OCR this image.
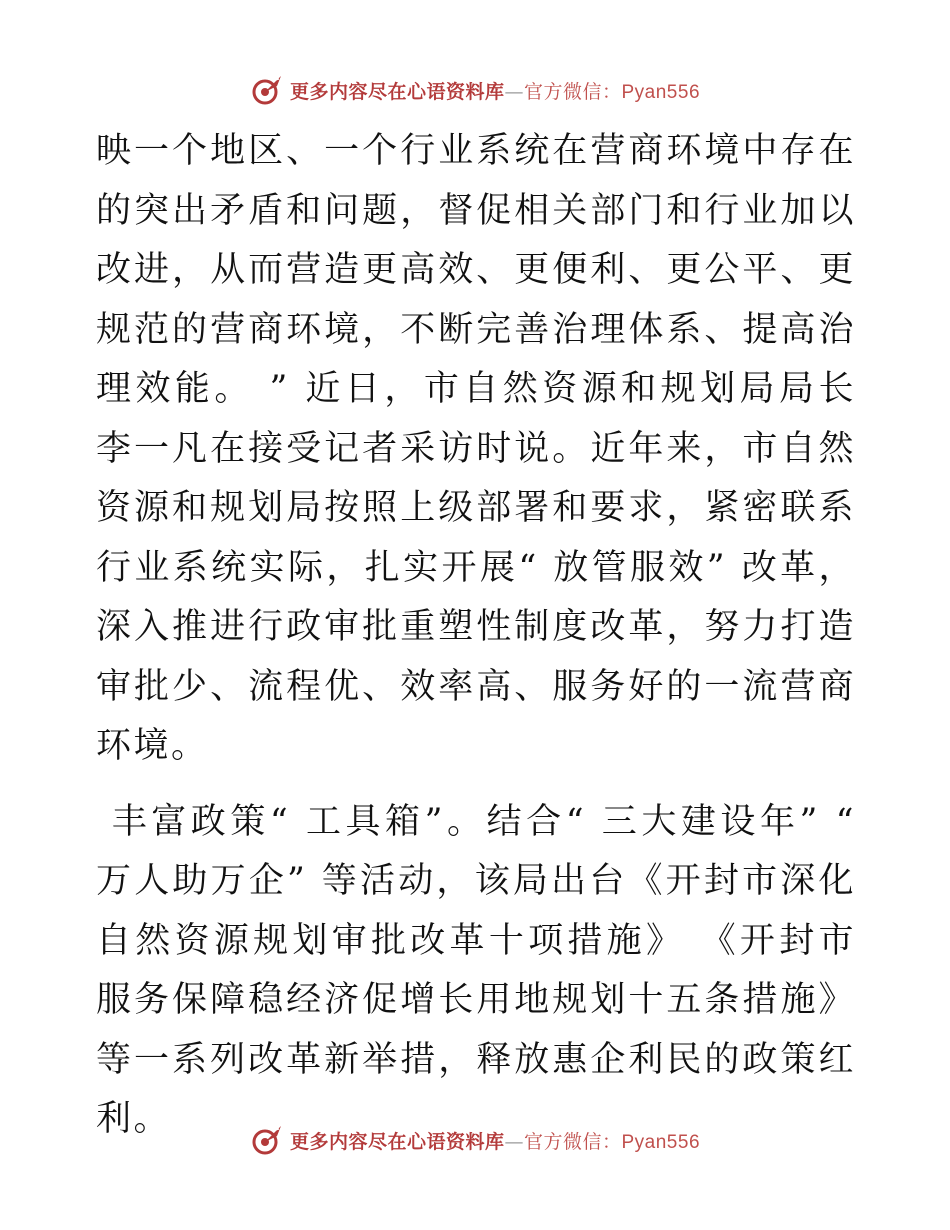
更多内容尽在心语资料库—官方微信：Pyan556

映一个地区、一个行业系统在营商环境中存在的突出矛盾和问题，督促相关部门和行业加以改进，从而营造更高效、更便利、更公平、更规范的营商环境，不断完善治理体系、提高治理效能。 ” 近日，市自然资源和规划局局长李一凡在接受记者采访时说。近年来，市自然资源和规划局按照上级部署和要求，紧密联系行业系统实际，扎实开展“ 放管服效” 改革，深入推进行政审批重塑性制度改革，努力打造审批少、流程优、效率高、服务好的一流营商环境。

丰富政策“ 工具箱”。结合“ 三大建设年” “ 万人助万企” 等活动，该局出台《开封市深化自然资源规划审批改革十项措施》 《开封市服务保障稳经济促增长用地规划十五条措施》等一系列改革新举措，释放惠企利民的政策红利。

更多内容尽在心语资料库—官方微信：Pyan556
